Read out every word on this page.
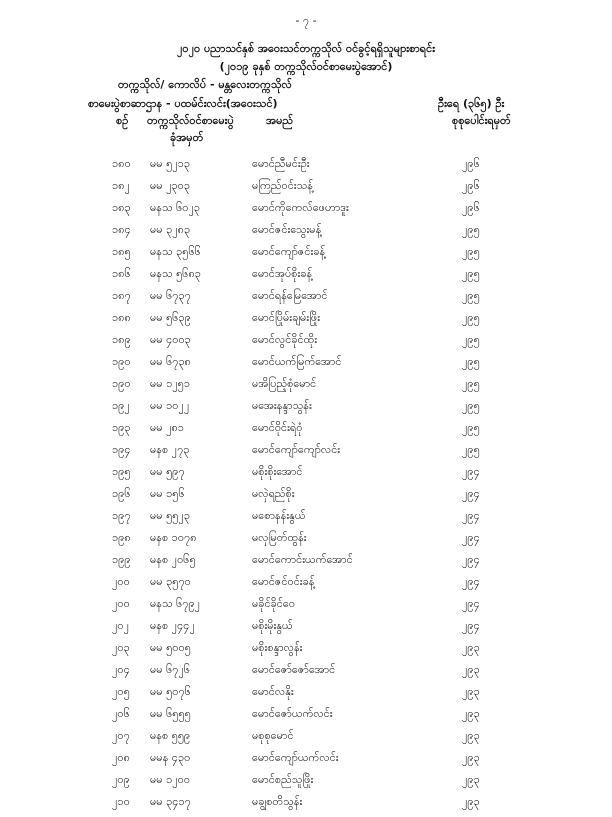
- ၇ -
၂၀၂၀ ပညာသင်နှစ် အဝေးသင်တက္ကသိုလ် ဝင်ခွင့်ရရှိသူများစာရင်း
(၂၀၁၉ ခုနှစ် တက္ကသိုလ်ဝင်စာမေးပွဲအောင်)
တက္ကသိုလ်/ ကောလိပ် - မန္တလေးတက္ကသိုလ်
စာမေးပွဲစာဆာဌာန - ပထမ်င်းလင်း(အဝေးသင်)	ဦးရေ (၃၆၅) ဦး
စဉ် တက္ကသိုလ်ဝင်စာမေးပွဲ
ခုံအမှတ်
အမည်	စုစုပေါင်းရမှတ်
၁၈၀ မမ ၅၂၁၃	မောင်ညီမင်းဦး	၂၉၆
၁၈၂ မမ ၂၃၀၃	မကြည်ဝင်းသန့်	၂၉၆
၁၈၃ မနသ ၆၀၂၃	မောင်ကိုကေလ်ဖေဟာဒူး	၂၉၆
၁၈၄ မမ ၃၂၈၃	မောင်ဇင်းသွေးမန့်	၂၉၅
၁၈၅ မနသ ၃၅၆၆	မောင်ကျော်ဇင်းခန့်	၂၉၅
၁၈၆ မနသ ၅၆၈၃	မောင်အုပ်စိုးခန့်	၂၉၅
၁၈၇ မမ ၆၇၃၇	မောင်ရန်မြေအောင်	၂၉၅
၁၈၈ မမ ၅၆၃၉	မောင်ပြိုမ်းချမ်းဖြိုး	၂၉၅
၁၈၉ မမ ၄၀၀၃	မောင်လွင်ခိုင်ထိုး	၂၉၅
၁၉၀ မမ ၆၇၃၈	မောင်ယက်မြက်အောင်	၂၉၅
၁၉၀ မမ ၁၂၅၁	မအိပြည့်စုံမောင်	၂၉၅
၁၉၂ မမ ၁၀၂၂	မအေးနန္ဒာသွန်း	၂၉၅
၁၉၃ မမ ၂၈၁	မောင်ဝိုင်းရဲဝုံ	၂၉၅
၁၉၄ မနစ ၂၇၃	မောင်ကျော်ကျော်လင်း	၂၉၅
၁၉၅ မမ ၅၉၇	မစိုးစိုးအောင်	၂၉၄
၁၉၆ မမ ၁၅၆	မလှဲရည်စိုး	၂၉၄
၁၉၇ မမ ၅၅၂၃	မစောနန်းနွယ်	၂၉၄
၁၉၈ မနစ ၁၀၇၈	မလှမြတ်ထွန်း	၂၉၄
၁၉၉ မနစ ၂၀၆၅	မောင်ကောင်းယက်အောင်	၂၉၄
၂၀၀ မမ ၃၅၇၀	မောင်ဇင်ဝင်းခန့်	၂၉၄
၂၀၀ မနသ ၆၇၉၂	မခိုင်ခိုင်ဝေ	၂၉၄
၂၀၂ မနစ ၂၄၄၂	မစိုးမိုးနွယ်	၂၉၄
၂၀၃ မမ ၅၀၀၅	မစိုးစန္ဒာလွန်း	၂၉၃
၂၀၄ မမ ၆၇၂၆	မောင်ဇော်ဇော်အောင်	၂၉၃
၂၀၅ မမ ၅၀၇၆	မောင်လနိုး	၂၉၃
၂၀၆ မမ ၆၅၅၅	မောင်ဇော်ယက်လင်း	၂၉၃
၂၀၇ မနစ ၅၅၉	မစုစုမောင်	၂၉၃
၂၀၈ မမန ၄၃၀	မောင်ကျော်ယက်လင်း	၂၉၃
၂၀၉ မမ ၁၂၀၀	မောင်စည်သူဖြိုး	၂၉၃
၂၁၀ မမ ၃၄၁၇	မချွစတိသွန်း	၂၉၃
